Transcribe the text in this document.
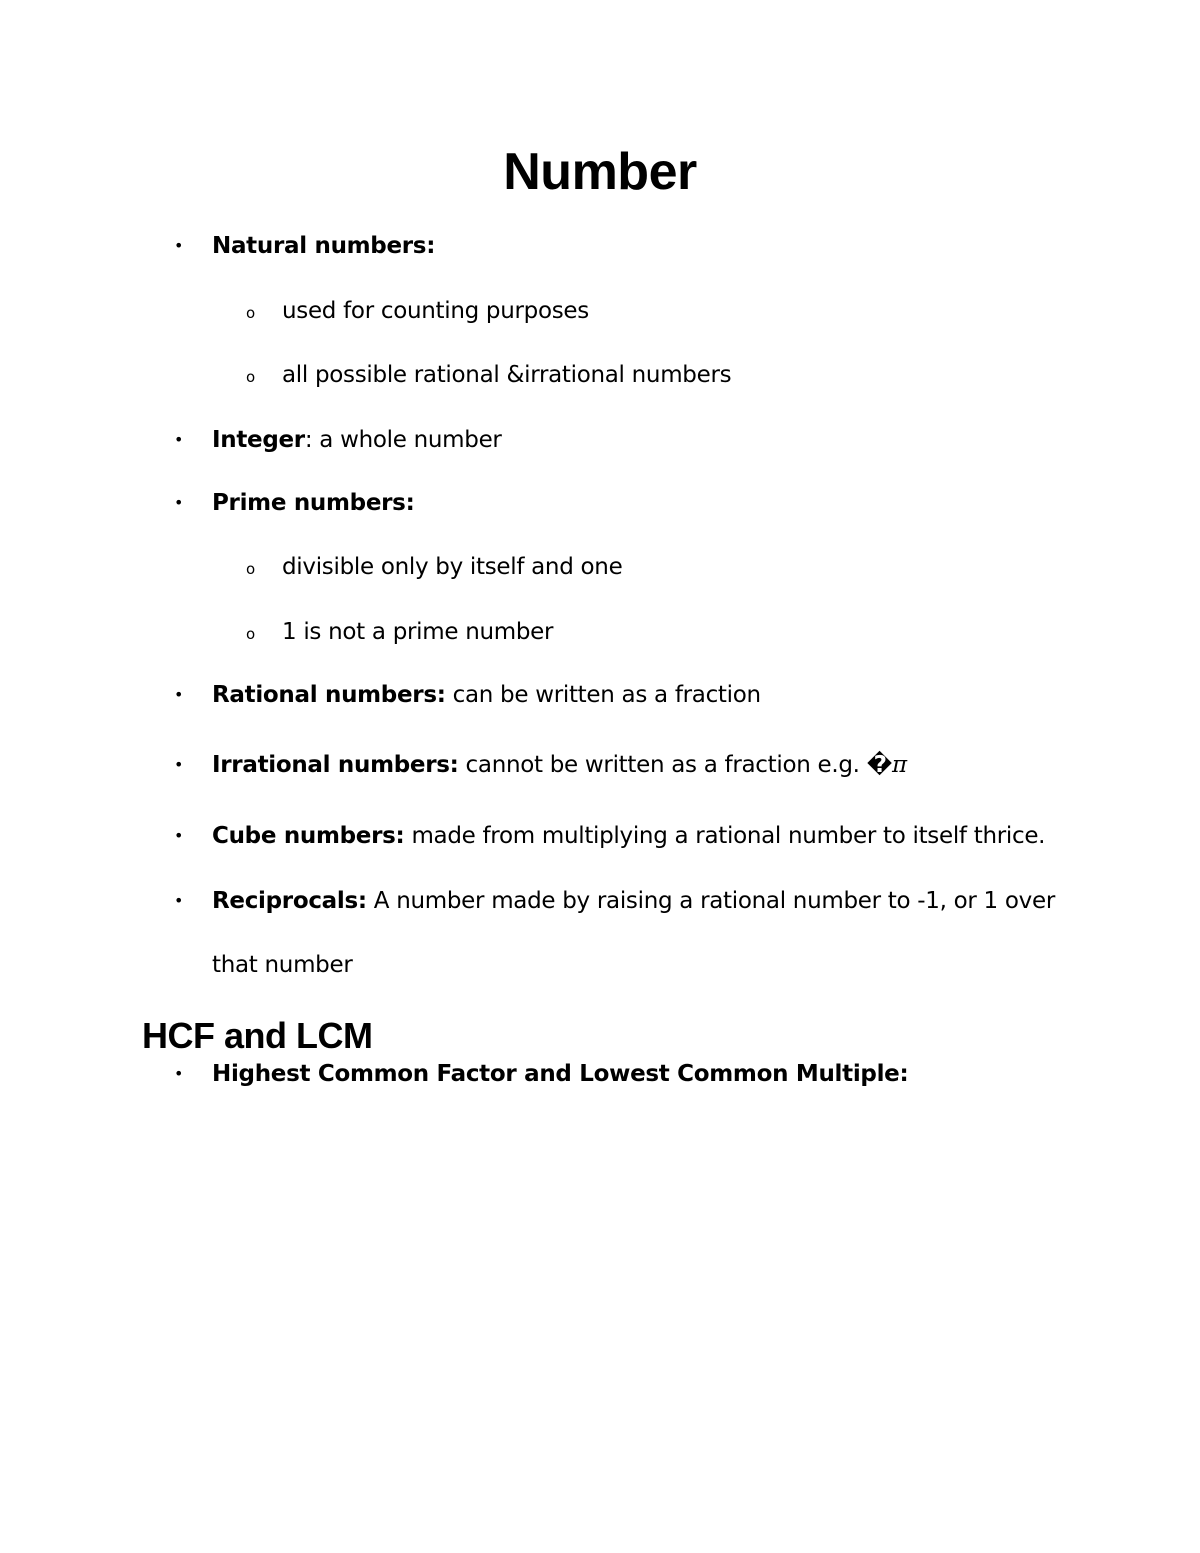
Number
• Natural numbers:
o used for counting purposes
o all possible rational &irrational numbers
• Integer: a whole number
• Prime numbers:
o divisible only by itself and one
o 1 is not a prime number
• Rational numbers: can be written as a fraction
• Irrational numbers: cannot be written as a fraction e.g. �π
• Cube numbers: made from multiplying a rational number to itself thrice.
• Reciprocals: A number made by raising a rational number to -1, or 1 over
that number
HCF and LCM
• Highest Common Factor and Lowest Common Multiple:
